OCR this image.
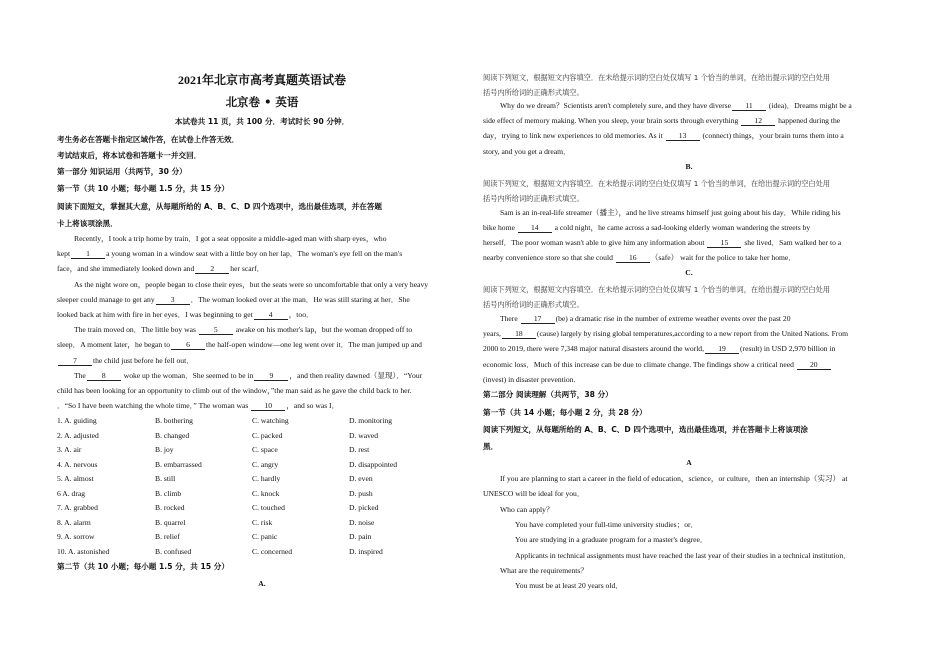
2021年北京市高考真题英语试卷
北京卷 • 英语
本试卷共 11 页，共 100 分．考试时长 90 分钟．
考生务必在答题卡指定区域作答，在试卷上作答无效．
考试结束后，将本试卷和答题卡一并交回．
第一部分 知识运用（共两节，30 分）
第一节（共 10 小题；每小题 1.5 分，共 15 分）
阅读下面短文，掌握其大意，从每题所给的 A、B、C、D 四个选项中，选出最佳选项，并在答题
卡上将该项涂黑．
Recently，I took a trip home by train．I got a seat opposite a middle-aged man with sharp eyes，who
kept 1 a young woman in a window seat with a little boy on her lap．The woman's eye fell on the man's
face，and she immediately looked down and 2 her scarf．
As the night wore on，people began to close their eyes，but the seats were so uncomfortable that only a very heavy
sleeper could manage to get any 3 ．The woman looked over at the man．He was still staring at her．She
looked back at him with fire in her eyes．I was beginning to get 4 ，too．
The train moved on．The little boy was 5 awake on his mother's lap，but the woman dropped off to
sleep．A moment later，he began to 6 the half-open window—one leg went over it．The man jumped up and
7 the child just before he fell out．
The 8 woke up the woman．She seemed to be in 9 ，and then reality dawned（显现）．“Your
child has been looking for an opportunity to climb out of the window，”the man said as he gave the child back to her.
．“So I have been watching the whole time．” The woman was 10 ，and so was I．
1. A. guiding	B. bothering	C. watching	D. monitoring
2. A. adjusted	B. changed	C. packed	D. waved
3. A. air	B. joy	C. space	D. rest
4. A. nervous	B. embarrassed	C. angry	D. disappointed
5. A. almost	B. still	C. hardly	D. even
6 A. drag	B. climb	C. knock	D. push
7. A. grabbed	B. rocked	C. touched	D. picked
8. A. alarm	B. quarrel	C. risk	D. noise
9. A. sorrow	B. relief	C. panic	D. pain
10. A. astonished	B. confused	C. concerned	D. inspired
第二节（共 10 小题；每小题 1.5 分，共 15 分）
A.
阅读下列短文，根据短文内容填空．在未给提示词的空白处仅填写 1 个恰当的单词，在给出提示词的空白处用
括号内所给词的正确形式填空。
Why do we dream？Scientists aren't completely sure, and they have diverse 11 (idea)．Dreams might be a
side effect of memory making. When you sleep, your brain sorts through everything 12 happened during the
day，trying to link new experiences to old memories. As it 13 (connect) things，your brain turns them into a
story, and you get a dream．
B.
阅读下列短文，根据短文内容填空．在未给提示词的空白处仅填写 1 个恰当的单词，在给出提示词的空白处用
括号内所给词的正确形式填空。
Sam is an in-real-life streamer（播主），and he live streams himself just going about his day．While riding his
bike home 14 a cold night，he came across a sad-looking elderly woman wandering the streets by
herself．The poor woman wasn't able to give him any information about 15 she lived．Sam walked her to a
nearby convenience store so that she could 16 （safe） wait for the police to take her home．
C.
阅读下列短文，根据短文内容填空．在未给提示词的空白处仅填写 1 个恰当的单词，在给出提示词的空白处用
括号内所给词的正确形式填空。
There 17 (be) a dramatic rise in the number of extreme weather events over the past 20
years, 18 (cause) largely by rising global temperatures,according to a new report from the United Nations. From
2000 to 2019, there were 7,348 major natural disasters around the world, 19 (result) in USD 2,970 billion in
economic loss．Much of this increase can be due to climate change. The findings show a critical need 20
(invest) in disaster prevention.
第二部分 阅读理解（共两节，38 分）
第一节（共 14 小题；每小题 2 分，共 28 分）
阅读下列短文，从每题所给的 A、B、C、D 四个选项中，选出最佳选项，并在答题卡上将该项涂
黑．
A
If you are planning to start a career in the field of education，science，or culture，then an internship（实习） at
UNESCO will be ideal for you．
Who can apply？
You have completed your full-time university studies；or．
You are studying in a graduate program for a master's degree．
Applicants in technical assignments must have reached the last year of their studies in a technical institution．
What are the requirements？
You must be at least 20 years old．
